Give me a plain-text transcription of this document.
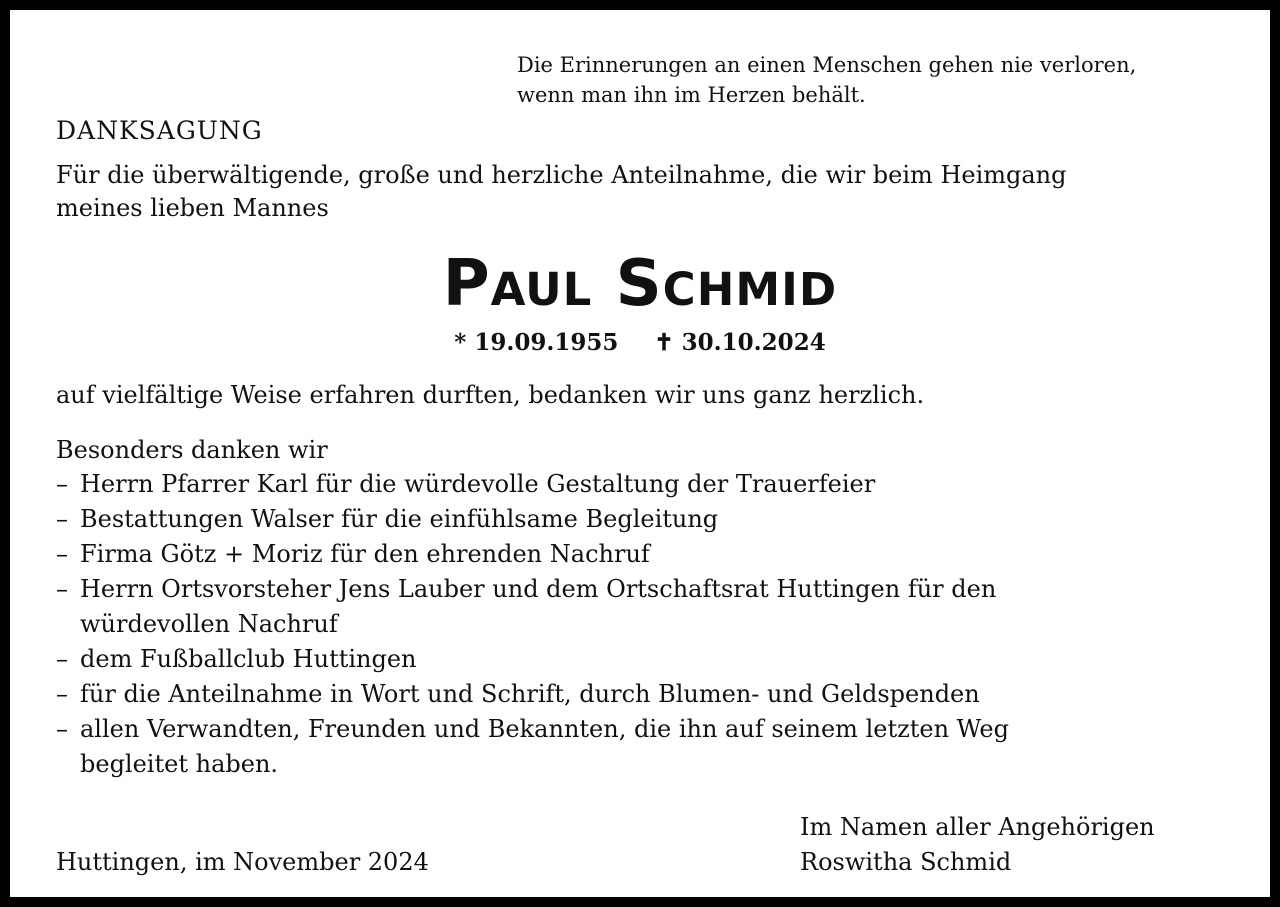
Die Erinnerungen an einen Menschen gehen nie verloren,
wenn man ihn im Herzen behält.
DANKSAGUNG
Für die überwältigende, große und herzliche Anteilnahme, die wir beim Heimgang
meines lieben Mannes
Paul Schmid
* 19.09.1955 ✝ 30.10.2024
auf vielfältige Weise erfahren durften, bedanken wir uns ganz herzlich.
Besonders danken wir
– Herrn Pfarrer Karl für die würdevolle Gestaltung der Trauerfeier
– Bestattungen Walser für die einfühlsame Begleitung
– Firma Götz + Moriz für den ehrenden Nachruf
– Herrn Ortsvorsteher Jens Lauber und dem Ortschaftsrat Huttingen für den
würdevollen Nachruf
– dem Fußballclub Huttingen
– für die Anteilnahme in Wort und Schrift, durch Blumen- und Geldspenden
– allen Verwandten, Freunden und Bekannten, die ihn auf seinem letzten Weg
begleitet haben.
Im Namen aller Angehörigen
Roswitha Schmid
Huttingen, im November 2024
